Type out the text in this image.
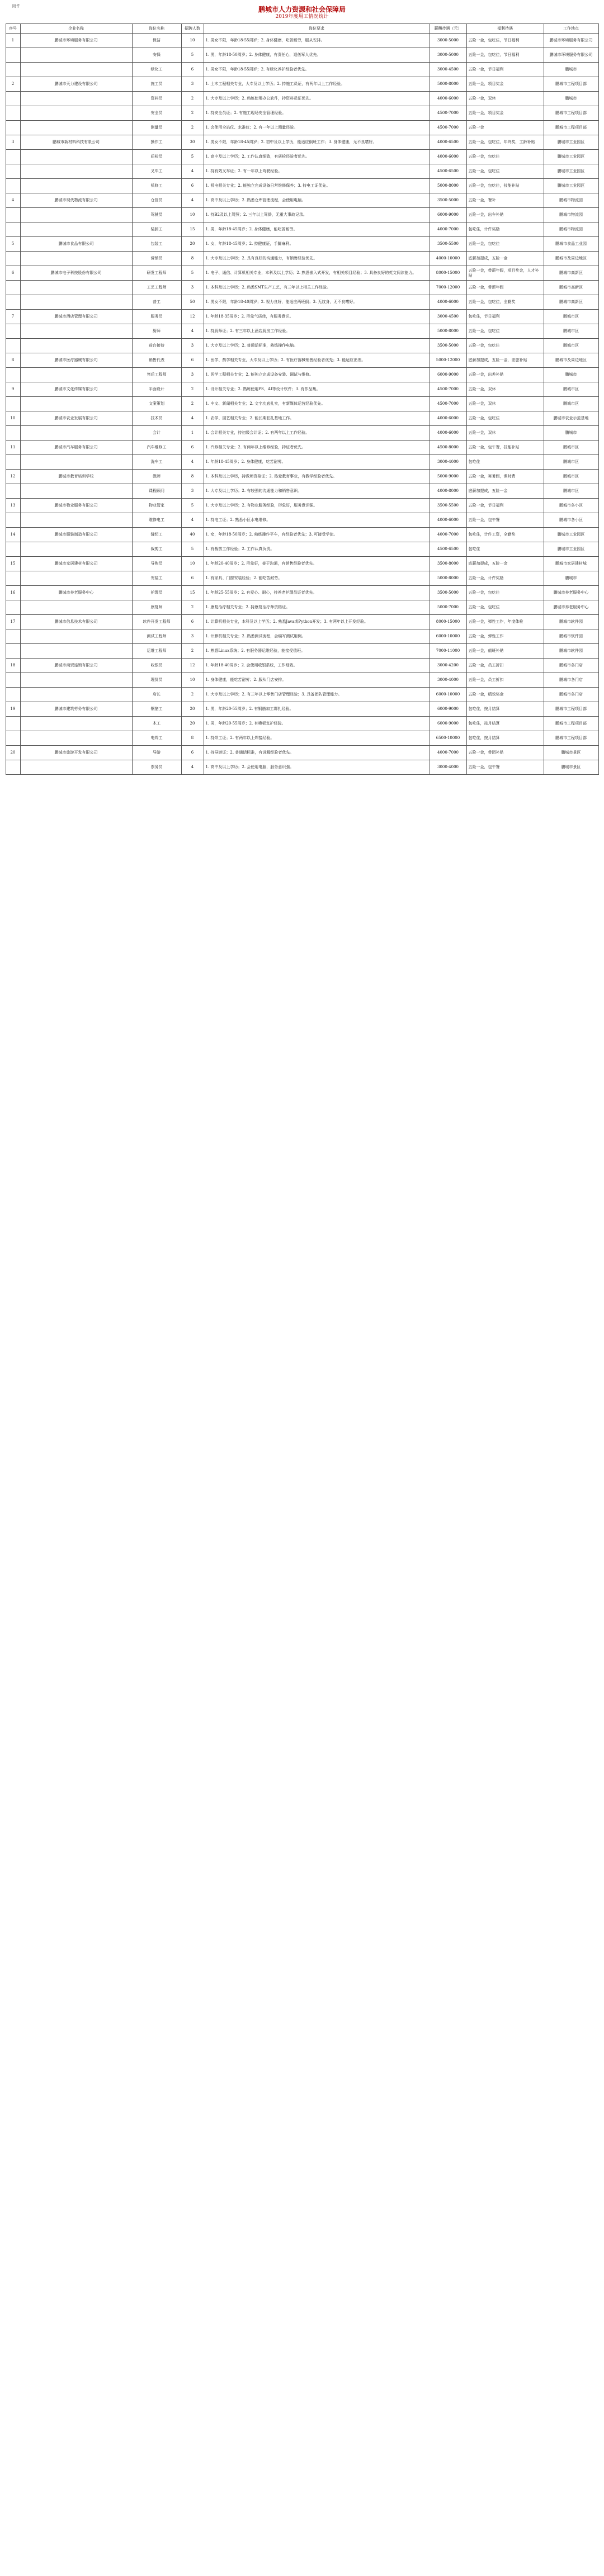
附件	鹏城市人力资源和社会保障局
2019年度用工情况统计
序号	企业名称	岗位名称	招聘人数	岗位要求	薪酬待遇（元）	福利待遇	工作地点
1	鹏城市环境服务有限公司	保洁	10	1. 男女不限，年龄18-55周岁；2. 身体健康，吃苦耐劳，服从安排。	3000-5000	五险一金，包吃住，节日福利	鹏城市环境服务有限公司
		安保	5	1. 男，年龄18-50周岁；2. 身体健康，有责任心，退伍军人优先。	3000-5000	五险一金，包吃住，节日福利	鹏城市环境服务有限公司
		绿化工	6	1. 男女不限，年龄18-55周岁；2. 有绿化养护经验者优先。	3000-4500	五险一金，节日福利	鹏城市
2	鹏城市天力建设有限公司	施工员	3	1. 土木工程相关专业，大专及以上学历；2. 持施工员证，有两年以上工作经验。	5000-8000	五险一金，项目奖金	鹏城市工程项目部
		资料员	2	1. 大专及以上学历；2. 熟练使用办公软件，持资料员证优先。	4000-6000	五险一金，双休	鹏城市
		安全员	2	1. 持安全员证；2. 有施工现场安全管理经验。	4500-7000	五险一金，项目奖金	鹏城市工程项目部
		测量员	2	1. 会使用全站仪、水准仪；2. 有一年以上测量经验。	4500-7000	五险一金	鹏城市工程项目部
3	鹏城市新材料科技有限公司	操作工	30	1. 男女不限，年龄18-45周岁；2. 初中及以上学历，能适应倒班工作；3. 身体健康，无不良嗜好。	4000-6500	五险一金，包吃住，年终奖，工龄补贴	鹏城市工业园区
		质检员	5	1. 高中及以上学历；2. 工作认真细致，有质检经验者优先。	4000-6000	五险一金，包吃住	鹏城市工业园区
		叉车工	4	1. 持有效叉车证；2. 有一年以上驾驶经验。	4500-6500	五险一金，包吃住	鹏城市工业园区
		机修工	6	1. 机电相关专业；2. 能独立完成设备日常维修保养；3. 持电工证优先。	5000-8000	五险一金，包吃住，技能补贴	鹏城市工业园区
4	鹏城市现代物流有限公司	仓管员	4	1. 高中及以上学历；2. 熟悉仓库管理流程，会使用电脑。	3500-5000	五险一金，餐补	鹏城市物流园
		驾驶员	10	1. 持B2及以上驾照；2. 三年以上驾龄，无重大事故记录。	6000-9000	五险一金，出车补贴	鹏城市物流园
		装卸工	15	1. 男，年龄18-45周岁；2. 身体健康，能吃苦耐劳。	4000-7000	包吃住，计件奖励	鹏城市物流园
5	鹏城市食品有限公司	包装工	20	1. 女，年龄18-45周岁；2. 持健康证，手脚麻利。	3500-5500	五险一金，包吃住	鹏城市食品工业园
		营销员	8	1. 大专及以上学历；2. 具有良好的沟通能力，有销售经验优先。	4000-10000	底薪加提成，五险一金	鹏城市及周边地区
6	鹏城市电子科技股份有限公司	研发工程师	5	1. 电子、通信、计算机相关专业，本科及以上学历；2. 熟悉嵌入式开发，有相关项目经验；3. 具备良好的英文阅读能力。	8000-15000	五险一金，带薪年假，项目奖金，人才补贴	鹏城市高新区
		工艺工程师	3	1. 本科及以上学历；2. 熟悉SMT生产工艺，有三年以上相关工作经验。	7000-12000	五险一金，带薪年假	鹏城市高新区
		普工	50	1. 男女不限，年龄18-40周岁；2. 视力良好，能适应两班倒；3. 无纹身，无不良嗜好。	4000-6000	五险一金，包吃住，全勤奖	鹏城市高新区
7	鹏城市酒店管理有限公司	服务员	12	1. 年龄18-35周岁；2. 形象气质佳，有服务意识。	3000-4500	包吃住，节日福利	鹏城市区
		厨师	4	1. 持厨师证；2. 有三年以上酒店厨房工作经验。	5000-8000	五险一金，包吃住	鹏城市区
		前台接待	3	1. 大专及以上学历；2. 普通话标准，熟练操作电脑。	3500-5000	五险一金，包吃住	鹏城市区
8	鹏城市医疗器械有限公司	销售代表	6	1. 医学、药学相关专业，大专及以上学历；2. 有医疗器械销售经验者优先；3. 能适应出差。	5000-12000	底薪加提成，五险一金，差旅补贴	鹏城市及周边地区
		售后工程师	3	1. 医学工程相关专业；2. 能独立完成设备安装、调试与维修。	6000-9000	五险一金，出差补贴	鹏城市
9	鹏城市文化传媒有限公司	平面设计	2	1. 设计相关专业；2. 熟练使用PS、AI等设计软件；3. 有作品集。	4500-7000	五险一金，双休	鹏城市区
		文案策划	2	1. 中文、新闻相关专业；2. 文字功底扎实，有新媒体运营经验优先。	4500-7000	五险一金，双休	鹏城市区
10	鹏城市农业发展有限公司	技术员	4	1. 农学、园艺相关专业；2. 能长期驻扎基地工作。	4000-6000	五险一金，包吃住	鹏城市农业示范基地
		会计	1	1. 会计相关专业，持初级会计证；2. 有两年以上工作经验。	4000-6000	五险一金，双休	鹏城市
11	鹏城市汽车服务有限公司	汽车维修工	6	1. 汽修相关专业；2. 有两年以上维修经验，持证者优先。	4500-8000	五险一金，包午餐，技能补贴	鹏城市区
		洗车工	4	1. 年龄18-45周岁；2. 身体健康，吃苦耐劳。	3000-4000	包吃住	鹏城市区
12	鹏城市教育培训学校	教师	8	1. 本科及以上学历，持教师资格证；2. 热爱教育事业，有教学经验者优先。	5000-9000	五险一金，寒暑假，课时费	鹏城市区
		课程顾问	3	1. 大专及以上学历；2. 有较强的沟通能力和销售意识。	4000-8000	底薪加提成，五险一金	鹏城市区
13	鹏城市物业服务有限公司	物业管家	5	1. 大专及以上学历；2. 有物业服务经验，形象好，服务意识强。	3500-5500	五险一金，节日福利	鹏城市各小区
		维修电工	4	1. 持电工证；2. 熟悉小区水电维修。	4000-6000	五险一金，包午餐	鹏城市各小区
14	鹏城市服装制造有限公司	缝纫工	40	1. 女，年龄18-50周岁；2. 熟练操作平车，有经验者优先；3. 可接受学徒。	4000-7000	包吃住，计件工资，全勤奖	鹏城市工业园区
		裁剪工	5	1. 有裁剪工作经验；2. 工作认真负责。	4500-6500	包吃住	鹏城市工业园区
15	鹏城市家居建材有限公司	导购员	10	1. 年龄20-40周岁；2. 形象好，善于沟通，有销售经验者优先。	3500-8000	底薪加提成，五险一金	鹏城市家居建材城
		安装工	6	1. 有家具、门窗安装经验；2. 能吃苦耐劳。	5000-8000	五险一金，计件奖励	鹏城市
16	鹏城市养老服务中心	护理员	15	1. 年龄25-55周岁；2. 有爱心、耐心，持养老护理员证者优先。	3500-5000	五险一金，包吃住	鹏城市养老服务中心
		康复师	2	1. 康复治疗相关专业；2. 持康复治疗师资格证。	5000-7000	五险一金，包吃住	鹏城市养老服务中心
17	鹏城市信息技术有限公司	软件开发工程师	6	1. 计算机相关专业，本科及以上学历；2. 熟悉Java或Python开发；3. 有两年以上开发经验。	8000-15000	五险一金，弹性工作，年度体检	鹏城市软件园
		测试工程师	3	1. 计算机相关专业；2. 熟悉测试流程，会编写测试用例。	6000-10000	五险一金，弹性工作	鹏城市软件园
		运维工程师	2	1. 熟悉Linux系统；2. 有服务器运维经验，能接受值班。	7000-11000	五险一金，值班补贴	鹏城市软件园
18	鹏城市商贸连锁有限公司	收银员	12	1. 年龄18-40周岁；2. 会使用收银系统，工作细致。	3000-4200	五险一金，员工折扣	鹏城市各门店
		理货员	10	1. 身体健康，能吃苦耐劳；2. 服从门店安排。	3000-4000	五险一金，员工折扣	鹏城市各门店
		店长	2	1. 大专及以上学历；2. 有三年以上零售门店管理经验；3. 具备团队管理能力。	6000-10000	五险一金，绩效奖金	鹏城市各门店
19	鹏城市建筑劳务有限公司	钢筋工	20	1. 男，年龄20-55周岁；2. 有钢筋加工绑扎经验。	6000-9000	包吃住，按月结算	鹏城市工程项目部
		木工	20	1. 男，年龄20-55周岁；2. 有模板支护经验。	6000-9000	包吃住，按月结算	鹏城市工程项目部
		电焊工	8	1. 持焊工证；2. 有两年以上焊接经验。	6500-10000	包吃住，按月结算	鹏城市工程项目部
20	鹏城市旅游开发有限公司	导游	6	1. 持导游证；2. 普通话标准，有讲解经验者优先。	4000-7000	五险一金，带团补贴	鹏城市景区
		票务员	4	1. 高中及以上学历；2. 会使用电脑，服务意识强。	3000-4000	五险一金，包午餐	鹏城市景区
